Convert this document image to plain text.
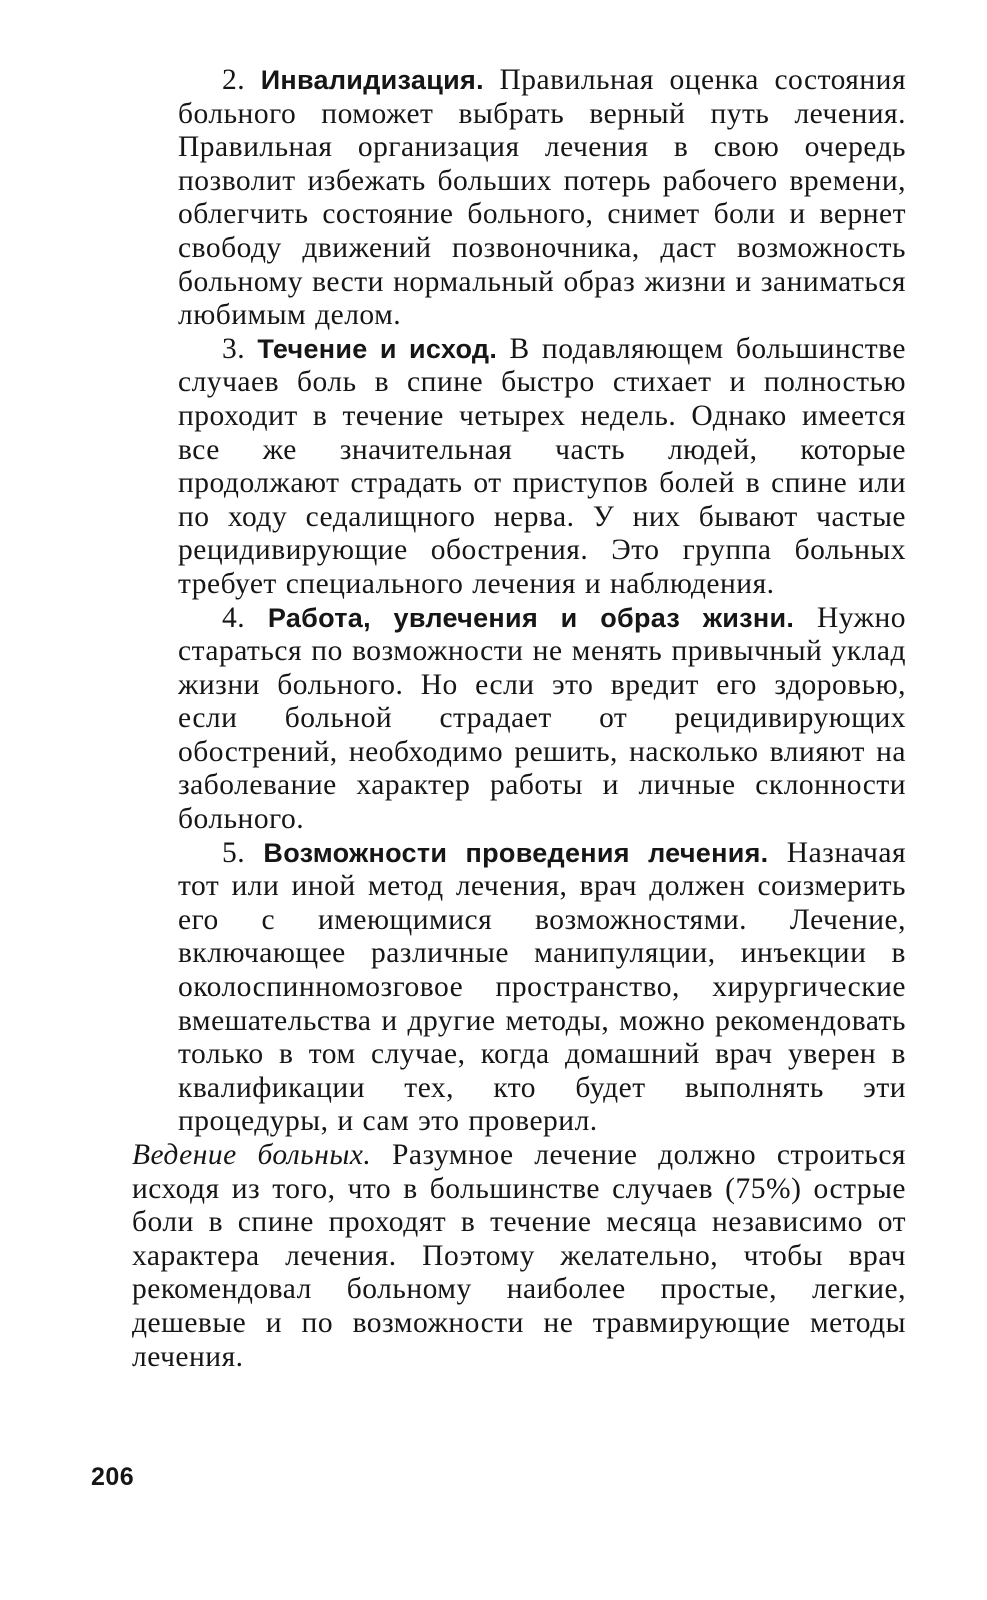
2. Инвалидизация. Правильная оценка состояния больного поможет выбрать верный путь лечения. Правильная организация лечения в свою очередь позволит избежать больших потерь рабочего времени, облегчить состояние больного, снимет боли и вернет свободу движений позвоночника, даст возможность больному вести нормальный образ жизни и заниматься любимым делом.

3. Течение и исход. В подавляющем большинстве случаев боль в спине быстро стихает и полностью проходит в течение четырех недель. Однако имеется все же значительная часть людей, которые продолжают страдать от приступов болей в спине или по ходу седалищного нерва. У них бывают частые рецидивирующие обострения. Это группа больных требует специального лечения и наблюдения.

4. Работа, увлечения и образ жизни. Нужно стараться по возможности не менять привычный уклад жизни больного. Но если это вредит его здоровью, если больной страдает от рецидивирующих обострений, необходимо решить, насколько влияют на заболевание характер работы и личные склонности больного.

5. Возможности проведения лечения. Назначая тот или иной метод лечения, врач должен соизмерить его с имеющимися возможностями. Лечение, включающее различные манипуляции, инъекции в околоспинномозговое пространство, хирургические вмешательства и другие методы, можно рекомендовать только в том случае, когда домашний врач уверен в квалификации тех, кто будет выполнять эти процедуры, и сам это проверил.

Ведение больных. Разумное лечение должно строиться исходя из того, что в большинстве случаев (75%) острые боли в спине проходят в течение месяца независимо от характера лечения. Поэтому желательно, чтобы врач рекомендовал больному наиболее простые, легкие, дешевые и по возможности не травмирующие методы лечения.

206
